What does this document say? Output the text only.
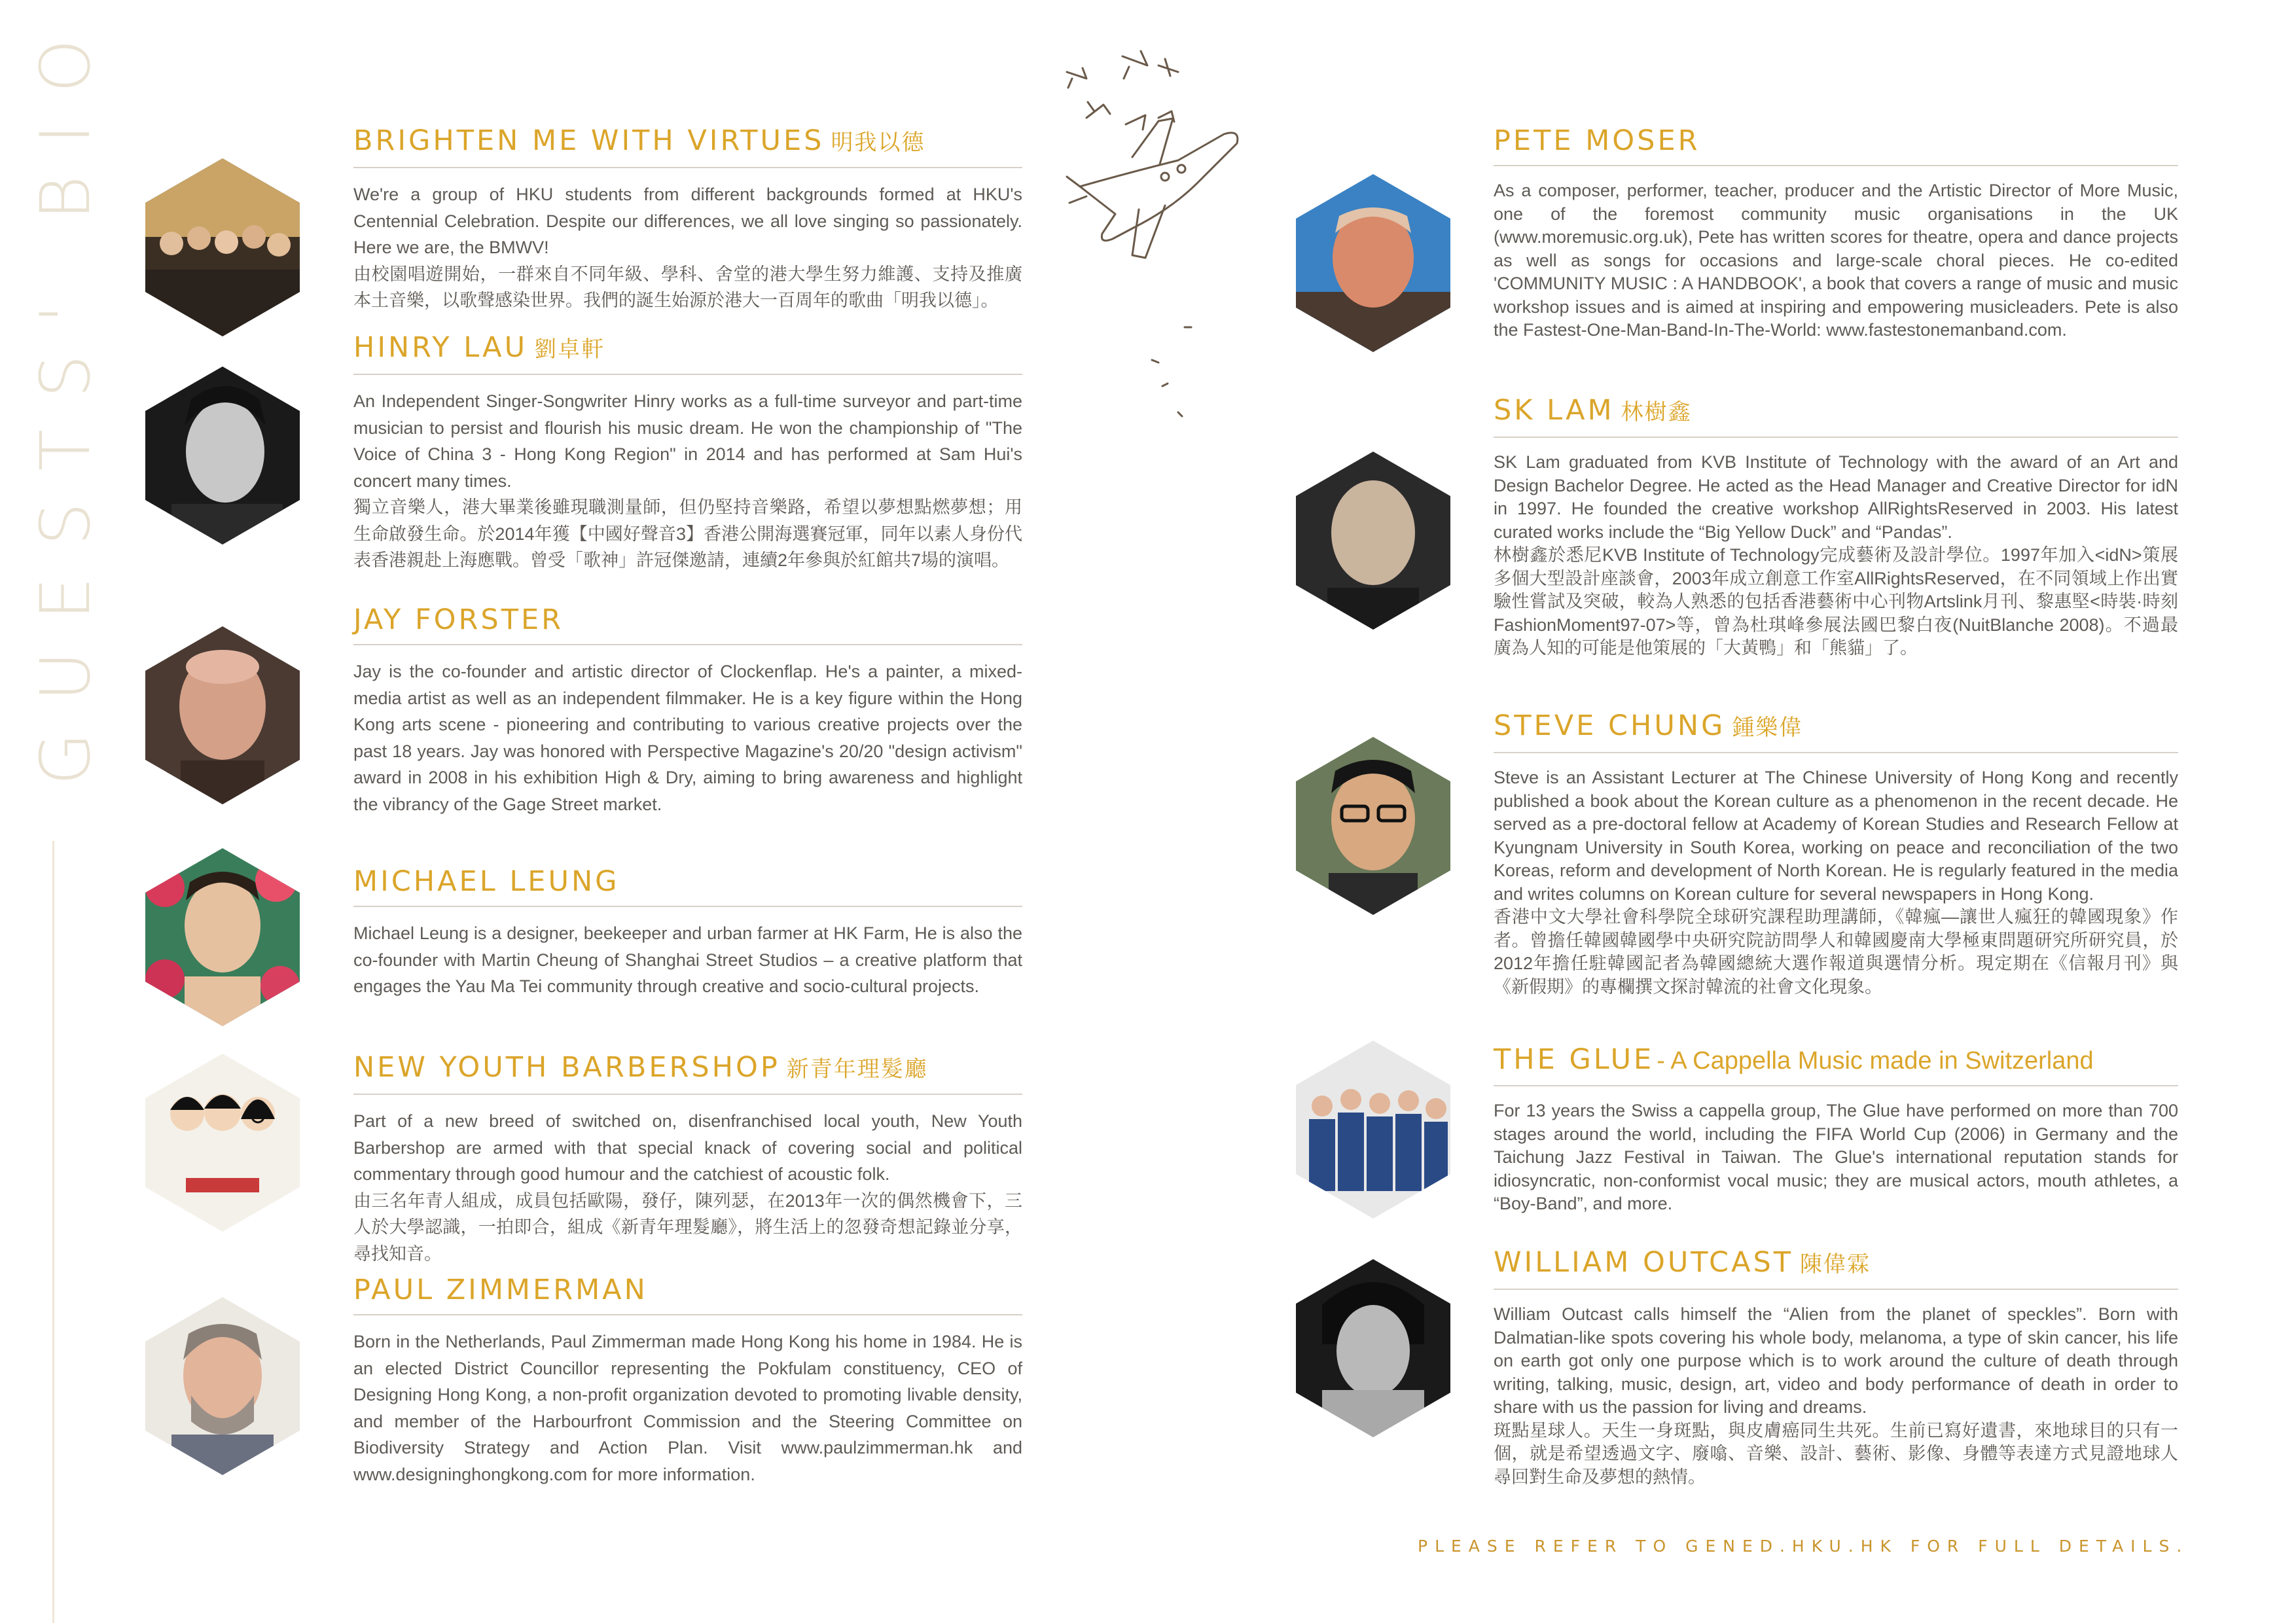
GUESTS' BIO	BRIGHTEN ME WITH VIRTUES 明我以德
We're a group of HKU students from different backgrounds formed at HKU's Centennial Celebration. Despite our differences, we all love singing so passionately. Here we are, the BMWV!
由校園唱遊開始，一群來自不同年級、學科、舍堂的港大學生努力維護、支持及推廣本土音樂，以歌聲感染世界。我們的誕生始源於港大一百周年的歌曲「明我以德」。
HINRY LAU 劉卓軒
An Independent Singer-Songwriter Hinry works as a full-time surveyor and part-time musician to persist and flourish his music dream. He won the championship of "The Voice of China 3 - Hong Kong Region" in 2014 and has performed at Sam Hui's concert many times.
獨立音樂人，港大畢業後雖現職測量師，但仍堅持音樂路，希望以夢想點燃夢想；用生命啟發生命。於2014年獲【中國好聲音3】香港公開海選賽冠軍，同年以素人身份代表香港親赴上海應戰。曾受「歌神」許冠傑邀請，連續2年參與於紅館共7場的演唱。
JAY FORSTER
Jay is the co-founder and artistic director of Clockenflap. He's a painter, a mixed-media artist as well as an independent filmmaker. He is a key figure within the Hong Kong arts scene - pioneering and contributing to various creative projects over the past 18 years. Jay was honored with Perspective Magazine's 20/20 "design activism" award in 2008 in his exhibition High & Dry, aiming to bring awareness and highlight the vibrancy of the Gage Street market.
MICHAEL LEUNG
Michael Leung is a designer, beekeeper and urban farmer at HK Farm, He is also the co-founder with Martin Cheung of Shanghai Street Studios – a creative platform that engages the Yau Ma Tei community through creative and socio-cultural projects.
NEW YOUTH BARBERSHOP 新青年理髮廳
Part of a new breed of switched on, disenfranchised local youth, New Youth Barbershop are armed with that special knack of covering social and political commentary through good humour and the catchiest of acoustic folk.
由三名年青人組成，成員包括歐陽，發仔，陳列瑟，在2013年一次的偶然機會下，三人於大學認識，一拍即合，組成《新青年理髮廳》，將生活上的忽發奇想記錄並分享，尋找知音。
PAUL ZIMMERMAN
Born in the Netherlands, Paul Zimmerman made Hong Kong his home in 1984. He is an elected District Councillor representing the Pokfulam constituency, CEO of Designing Hong Kong, a non-profit organization devoted to promoting livable density, and member of the Harbourfront Commission and the Steering Committee on Biodiversity Strategy and Action Plan. Visit www.paulzimmerman.hk and www.designinghongkong.com for more information.
PETE MOSER
As a composer, performer, teacher, producer and the Artistic Director of More Music, one of the foremost community music organisations in the UK (www.moremusic.org.uk), Pete has written scores for theatre, opera and dance projects as well as songs for occasions and large-scale choral pieces. He co-edited 'COMMUNITY MUSIC : A HANDBOOK', a book that covers a range of music and music workshop issues and is aimed at inspiring and empowering musicleaders. Pete is also the Fastest-One-Man-Band-In-The-World: www.fastestonemanband.com.
SK LAM 林樹鑫
SK Lam graduated from KVB Institute of Technology with the award of an Art and Design Bachelor Degree. He acted as the Head Manager and Creative Director for idN in 1997. He founded the creative workshop AllRightsReserved in 2003. His latest curated works include the “Big Yellow Duck” and “Pandas”.
林樹鑫於悉尼KVB Institute of Technology完成藝術及設計學位。1997年加入<idN>策展多個大型設計座談會，2003年成立創意工作室AllRightsReserved，在不同領域上作出實驗性嘗試及突破，較為人熟悉的包括香港藝術中心刊物Artslink月刊、黎惠堅<時裝·時刻FashionMoment97-07>等，曾為杜琪峰參展法國巴黎白夜(NuitBlanche 2008)。不過最廣為人知的可能是他策展的「大黃鴨」和「熊貓」了。
STEVE CHUNG 鍾樂偉
Steve is an Assistant Lecturer at The Chinese University of Hong Kong and recently published a book about the Korean culture as a phenomenon in the recent decade. He served as a pre-doctoral fellow at Academy of Korean Studies and Research Fellow at Kyungnam University in South Korea, working on peace and reconciliation of the two Koreas, reform and development of North Korean. He is regularly featured in the media and writes columns on Korean culture for several newspapers in Hong Kong.
香港中文大學社會科學院全球研究課程助理講師，《韓瘋—讓世人瘋狂的韓國現象》作者。曾擔任韓國韓國學中央研究院訪問學人和韓國慶南大學極東問題研究所研究員，於2012年擔任駐韓國記者為韓國總統大選作報道與選情分析。現定期在《信報月刊》與《新假期》的專欄撰文探討韓流的社會文化現象。
THE GLUE - A Cappella Music made in Switzerland
For 13 years the Swiss a cappella group, The Glue have performed on more than 700 stages around the world, including the FIFA World Cup (2006) in Germany and the Taichung Jazz Festival in Taiwan. The Glue's international reputation stands for idiosyncratic, non-conformist vocal music; they are musical actors, mouth athletes, a “Boy-Band”, and more.
WILLIAM OUTCAST 陳偉霖
William Outcast calls himself the “Alien from the planet of speckles”. Born with Dalmatian-like spots covering his whole body, melanoma, a type of skin cancer, his life on earth got only one purpose which is to work around the culture of death through writing, talking, music, design, art, video and body performance of death in order to share with us the passion for living and dreams.
斑點星球人。天生一身斑點，與皮膚癌同生共死。生前已寫好遺書，來地球目的只有一個，就是希望透過文字、廢噏、音樂、設計、藝術、影像、身體等表達方式見證地球人尋回對生命及夢想的熱情。
PLEASE REFER TO GENED.HKU.HK FOR FULL DETAILS.
